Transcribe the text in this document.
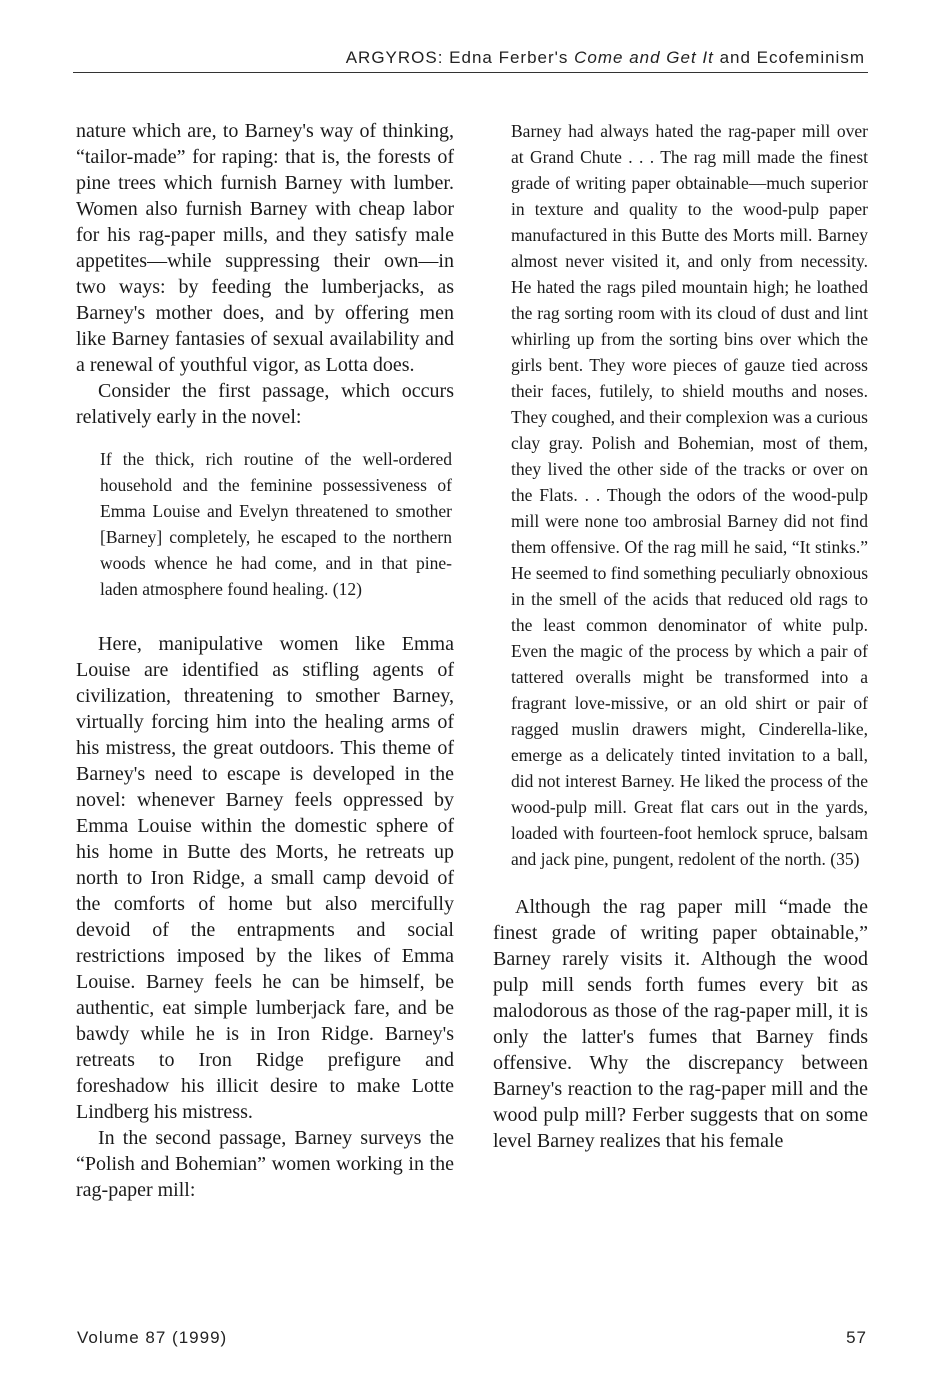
ARGYROS: Edna Ferber's Come and Get It and Ecofeminism

nature which are, to Barney's way of thinking, “tailor-made” for raping: that is, the forests of pine trees which furnish Barney with lumber. Women also furnish Barney with cheap labor for his rag-paper mills, and they satisfy male appetites—while suppressing their own—in two ways: by feeding the lumberjacks, as Barney's mother does, and by offering men like Barney fantasies of sexual availability and a renewal of youthful vigor, as Lotta does.

Consider the first passage, which occurs relatively early in the novel:

If the thick, rich routine of the well-ordered household and the feminine possessiveness of Emma Louise and Evelyn threatened to smother [Barney] completely, he escaped to the northern woods whence he had come, and in that pine-laden atmosphere found healing. (12)

Here, manipulative women like Emma Louise are identified as stifling agents of civilization, threatening to smother Barney, virtually forcing him into the healing arms of his mistress, the great outdoors. This theme of Barney's need to escape is developed in the novel: whenever Barney feels oppressed by Emma Louise within the domestic sphere of his home in Butte des Morts, he retreats up north to Iron Ridge, a small camp devoid of the comforts of home but also mercifully devoid of the entrapments and social restrictions imposed by the likes of Emma Louise. Barney feels he can be himself, be authentic, eat simple lumberjack fare, and be bawdy while he is in Iron Ridge. Barney's retreats to Iron Ridge prefigure and foreshadow his illicit desire to make Lotte Lindberg his mistress.

In the second passage, Barney surveys the “Polish and Bohemian” women working in the rag-paper mill:

Barney had always hated the rag-paper mill over at Grand Chute . . . The rag mill made the finest grade of writing paper obtainable—much superior in texture and quality to the wood-pulp paper manufactured in this Butte des Morts mill. Barney almost never visited it, and only from necessity. He hated the rags piled mountain high; he loathed the rag sorting room with its cloud of dust and lint whirling up from the sorting bins over which the girls bent. They wore pieces of gauze tied across their faces, futilely, to shield mouths and noses. They coughed, and their complexion was a curious clay gray. Polish and Bohemian, most of them, they lived the other side of the tracks or over on the Flats. . . Though the odors of the wood-pulp mill were none too ambrosial Barney did not find them offensive. Of the rag mill he said, “It stinks.” He seemed to find something peculiarly obnoxious in the smell of the acids that reduced old rags to the least common denominator of white pulp. Even the magic of the process by which a pair of tattered overalls might be transformed into a fragrant love-missive, or an old shirt or pair of ragged muslin drawers might, Cinderella-like, emerge as a delicately tinted invitation to a ball, did not interest Barney. He liked the process of the wood-pulp mill. Great flat cars out in the yards, loaded with fourteen-foot hemlock spruce, balsam and jack pine, pungent, redolent of the north. (35)

Although the rag paper mill “made the finest grade of writing paper obtainable,” Barney rarely visits it. Although the wood pulp mill sends forth fumes every bit as malodorous as those of the rag-paper mill, it is only the latter's fumes that Barney finds offensive. Why the discrepancy between Barney's reaction to the rag-paper mill and the wood pulp mill? Ferber suggests that on some level Barney realizes that his female

Volume 87 (1999)	57
